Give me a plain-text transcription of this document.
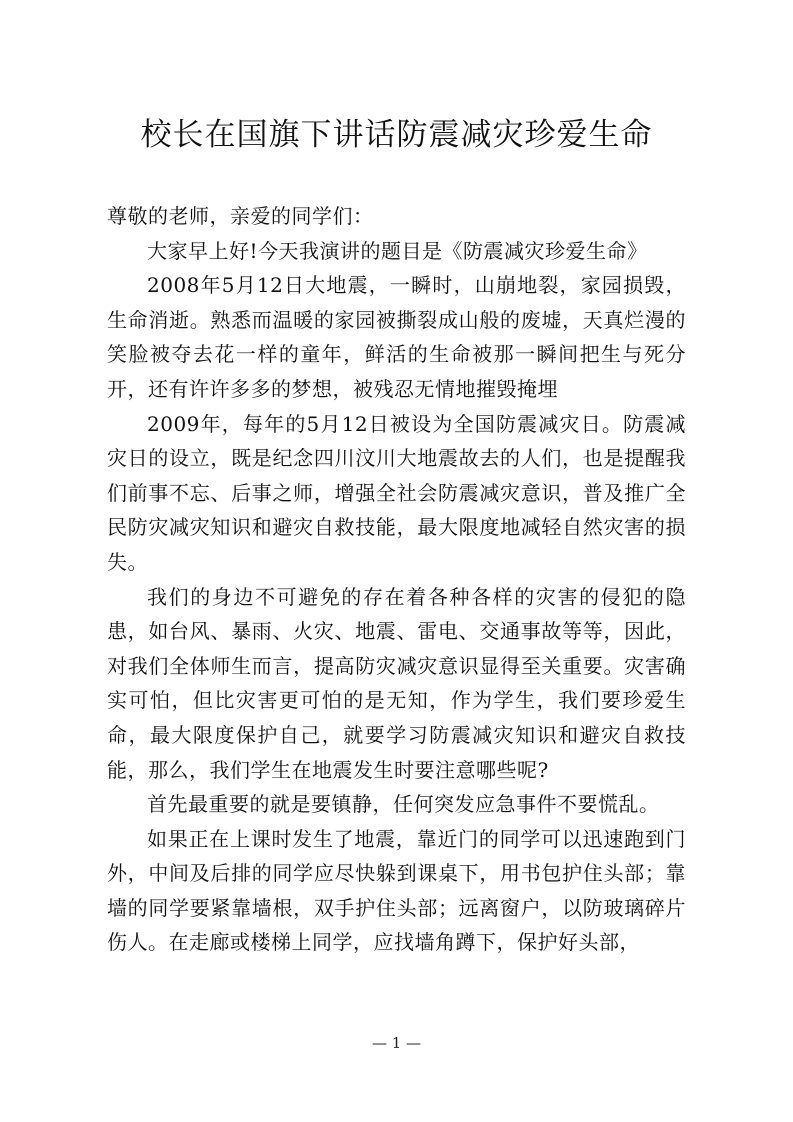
校长在国旗下讲话防震减灾珍爱生命

尊敬的老师，亲爱的同学们：

大家早上好!今天我演讲的题目是《防震减灾珍爱生命》

2008年5月12日大地震，一瞬时，山崩地裂，家园损毁，生命消逝。熟悉而温暖的家园被撕裂成山般的废墟，天真烂漫的笑脸被夺去花一样的童年，鲜活的生命被那一瞬间把生与死分开，还有许许多多的梦想，被残忍无情地摧毁掩埋

2009年，每年的5月12日被设为全国防震减灾日。防震减灾日的设立，既是纪念四川汶川大地震故去的人们，也是提醒我们前事不忘、后事之师，增强全社会防震减灾意识，普及推广全民防灾减灾知识和避灾自救技能，最大限度地减轻自然灾害的损失。

我们的身边不可避免的存在着各种各样的灾害的侵犯的隐患，如台风、暴雨、火灾、地震、雷电、交通事故等等，因此，对我们全体师生而言，提高防灾减灾意识显得至关重要。灾害确实可怕，但比灾害更可怕的是无知，作为学生，我们要珍爱生命，最大限度保护自己，就要学习防震减灾知识和避灾自救技能，那么，我们学生在地震发生时要注意哪些呢?

首先最重要的就是要镇静，任何突发应急事件不要慌乱。

如果正在上课时发生了地震，靠近门的同学可以迅速跑到门外，中间及后排的同学应尽快躲到课桌下，用书包护住头部；靠墙的同学要紧靠墙根，双手护住头部；远离窗户，以防玻璃碎片伤人。在走廊或楼梯上同学，应找墙角蹲下，保护好头部，

— 1 —
